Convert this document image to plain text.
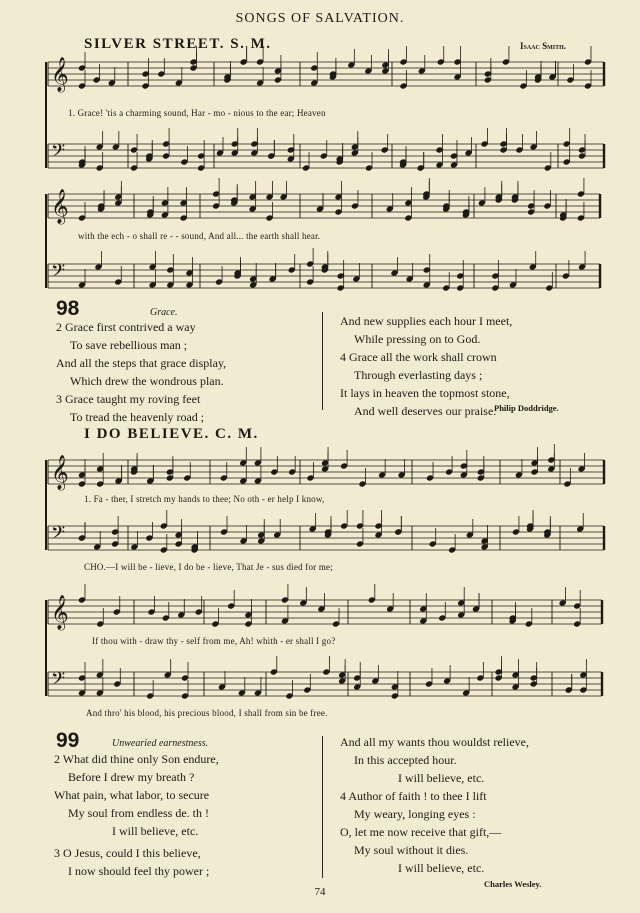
SONGS OF SALVATION.
SILVER STREET. S. M.	Isaac Smith.
𝄞
𝄢
𝄞
𝄢
𝄞
𝄢
𝄞
𝄢
1. Grace! 'tis a charming sound, Har - mo - nious to the ear; Heaven
with the ech - o shall re - - sound, And all... the earth shall hear.
98	Grace.
2 Grace first contrived a way
To save rebellious man ;
And all the steps that grace display,
Which drew the wondrous plan.
3 Grace taught my roving feet
To tread the heavenly road ;
And new supplies each hour I meet,
While pressing on to God.
4 Grace all the work shall crown
Through everlasting days ;
It lays in heaven the topmost stone,
And well deserves our praise.
Philip Doddridge.
I DO BELIEVE. C. M.
1. Fa - ther, I stretch my hands to thee; No oth - er help I know,
CHO.—I will be - lieve, I do be - lieve, That Je - sus died for me;
If thou with - draw thy - self from me, Ah! whith - er shall I go?
And thro' his blood, his precious blood, I shall from sin be free.
99	Unwearied earnestness.
2 What did thine only Son endure,
Before I drew my breath ?
What pain, what labor, to secure
My soul from endless de. th !
I will believe, etc.
3 O Jesus, could I this believe,
I now should feel thy power ;
And all my wants thou wouldst relieve,
In this accepted hour.
I will believe, etc.
4 Author of faith ! to thee I lift
My weary, longing eyes :
O, let me now receive that gift,—
My soul without it dies.
I will believe, etc.
Charles Wesley.
74
